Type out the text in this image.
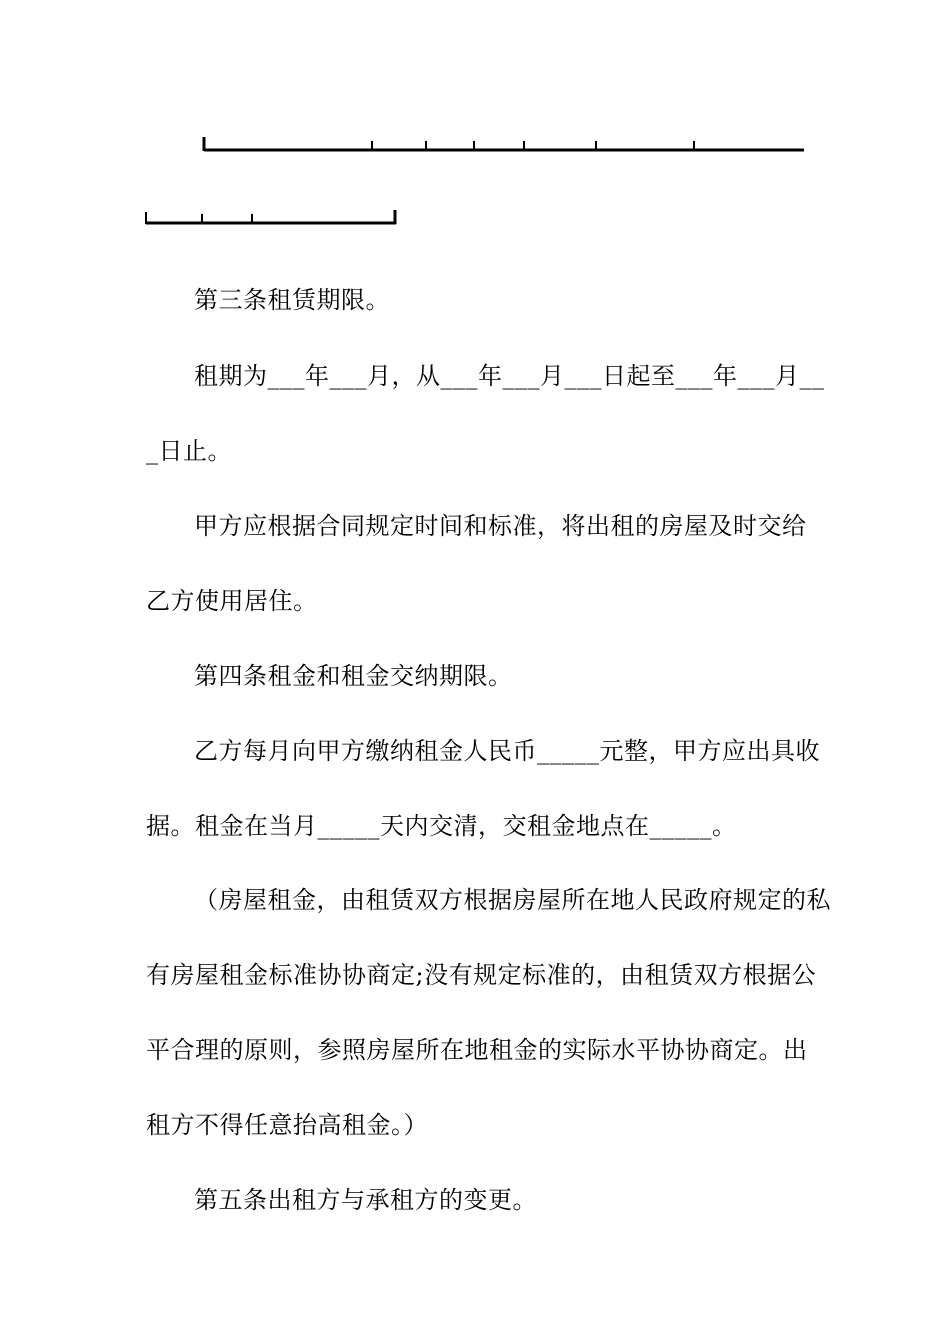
第三条租赁期限。
租期为___年___月，从___年___月___日起至___年___月__
_日止。
甲方应根据合同规定时间和标准，将出租的房屋及时交给
乙方使用居住。
第四条租金和租金交纳期限。
乙方每月向甲方缴纳租金人民币_____元整，甲方应出具收
据。租金在当月_____天内交清，交租金地点在_____。
（房屋租金，由租赁双方根据房屋所在地人民政府规定的私
有房屋租金标准协协商定;没有规定标准的，由租赁双方根据公
平合理的原则，参照房屋所在地租金的实际水平协协商定。出
租方不得任意抬高租金。）
第五条出租方与承租方的变更。
